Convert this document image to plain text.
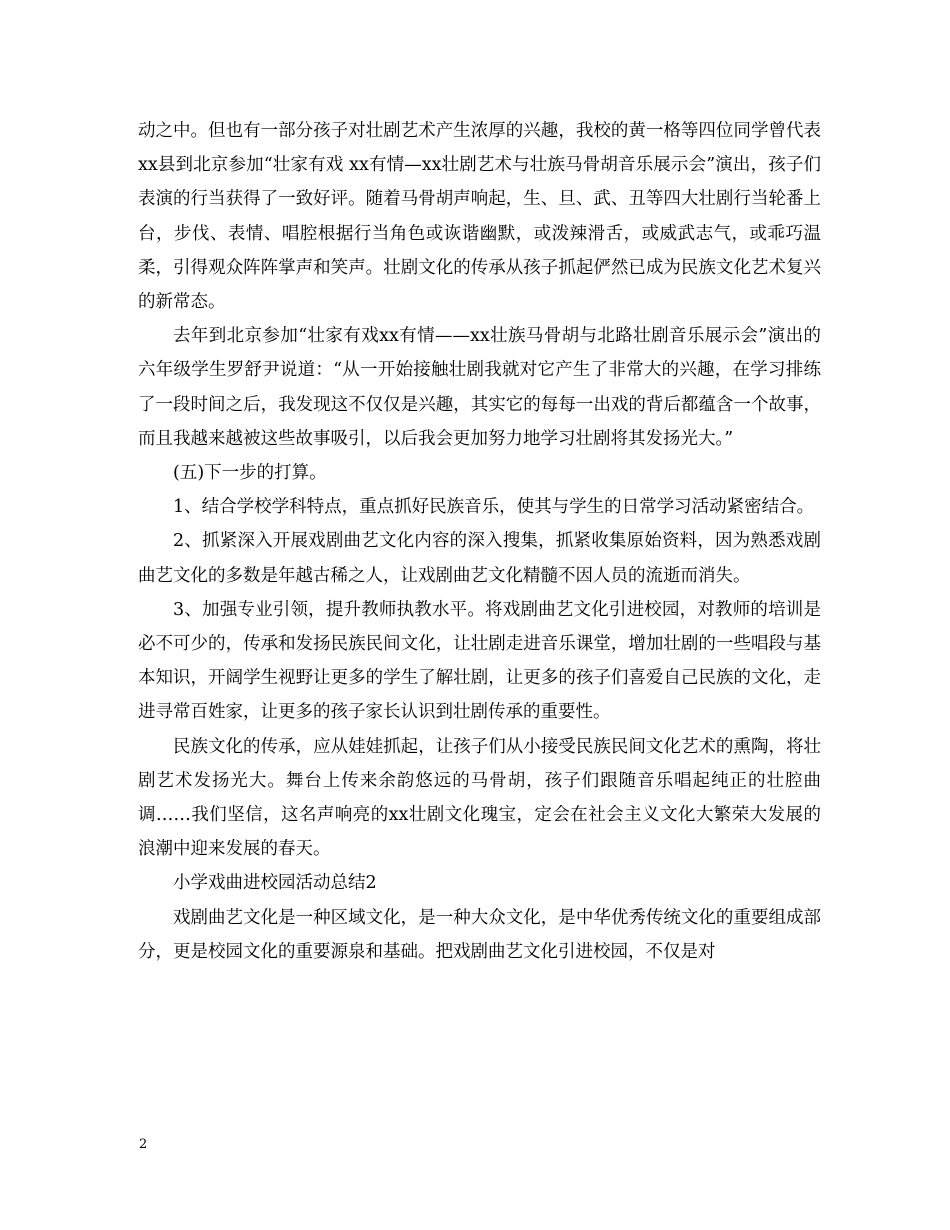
动之中。但也有一部分孩子对壮剧艺术产生浓厚的兴趣，我校的黄一格等四位同学曾代表xx县到北京参加“壮家有戏 xx有情—xx壮剧艺术与壮族马骨胡音乐展示会”演出，孩子们表演的行当获得了一致好评。随着马骨胡声响起，生、旦、武、丑等四大壮剧行当轮番上台，步伐、表情、唱腔根据行当角色或诙谐幽默，或泼辣滑舌，或威武志气，或乖巧温柔，引得观众阵阵掌声和笑声。壮剧文化的传承从孩子抓起俨然已成为民族文化艺术复兴的新常态。

去年到北京参加“壮家有戏xx有情——xx壮族马骨胡与北路壮剧音乐展示会”演出的六年级学生罗舒尹说道：“从一开始接触壮剧我就对它产生了非常大的兴趣，在学习排练了一段时间之后，我发现这不仅仅是兴趣，其实它的每每一出戏的背后都蕴含一个故事，而且我越来越被这些故事吸引，以后我会更加努力地学习壮剧将其发扬光大。”

(五)下一步的打算。

1、结合学校学科特点，重点抓好民族音乐，使其与学生的日常学习活动紧密结合。

2、抓紧深入开展戏剧曲艺文化内容的深入搜集，抓紧收集原始资料，因为熟悉戏剧曲艺文化的多数是年越古稀之人，让戏剧曲艺文化精髓不因人员的流逝而消失。

3、加强专业引领，提升教师执教水平。将戏剧曲艺文化引进校园，对教师的培训是必不可少的，传承和发扬民族民间文化，让壮剧走进音乐课堂，增加壮剧的一些唱段与基本知识，开阔学生视野让更多的学生了解壮剧，让更多的孩子们喜爱自己民族的文化，走进寻常百姓家，让更多的孩子家长认识到壮剧传承的重要性。

民族文化的传承，应从娃娃抓起，让孩子们从小接受民族民间文化艺术的熏陶，将壮剧艺术发扬光大。舞台上传来余韵悠远的马骨胡，孩子们跟随音乐唱起纯正的壮腔曲调……我们坚信，这名声响亮的xx壮剧文化瑰宝，定会在社会主义文化大繁荣大发展的浪潮中迎来发展的春天。

小学戏曲进校园活动总结2

戏剧曲艺文化是一种区域文化，是一种大众文化，是中华优秀传统文化的重要组成部分，更是校园文化的重要源泉和基础。把戏剧曲艺文化引进校园，不仅是对

2
